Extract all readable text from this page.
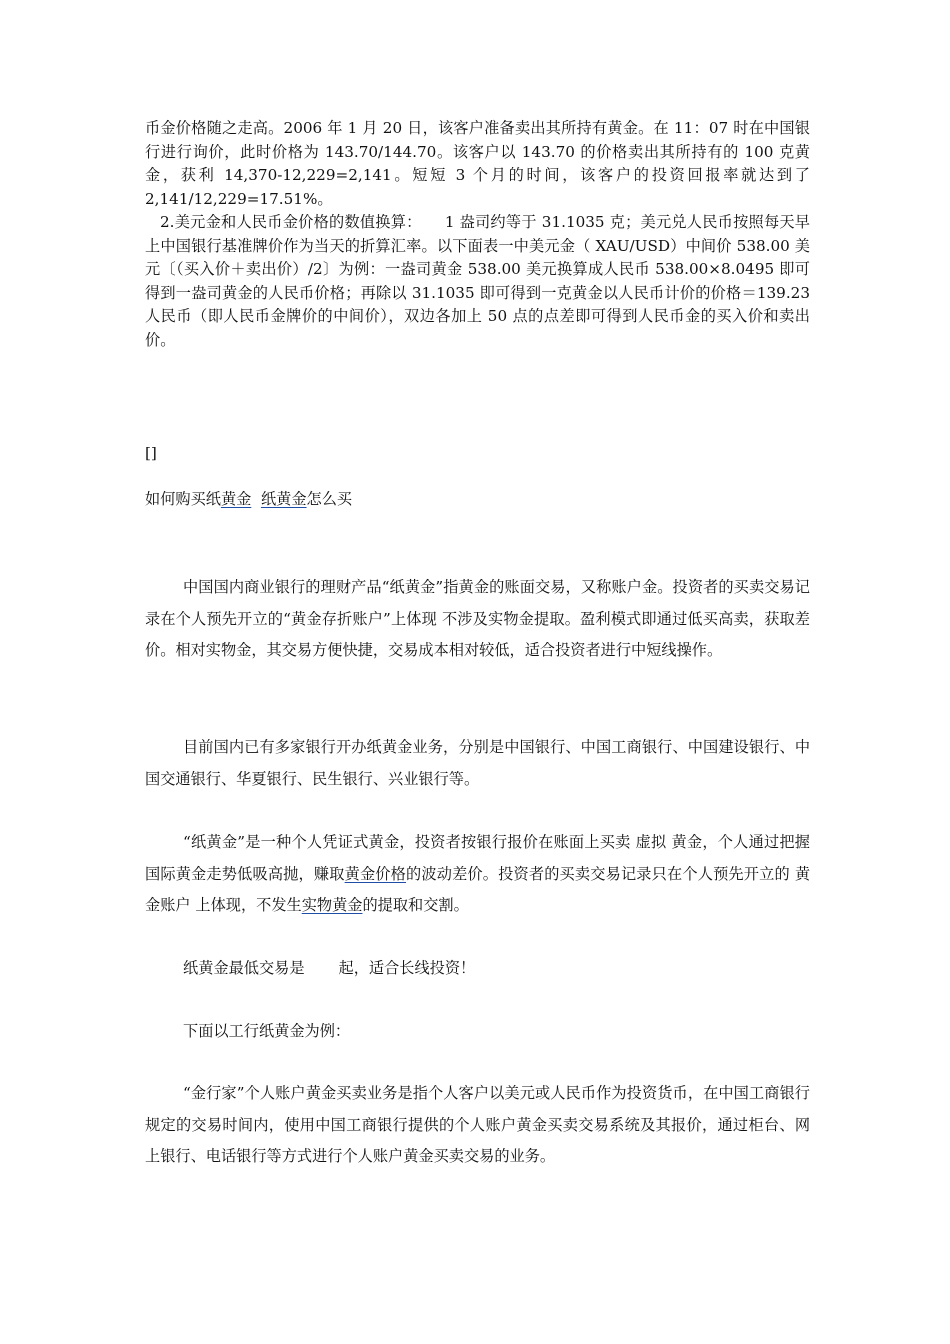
币金价格随之走高。2006 年 1 月 20 日，该客户准备卖出其所持有黄金。在 11：07 时在中国银行进行询价，此时价格为 143.70/144.70。该客户以 143.70 的价格卖出其所持有的 100 克黄金，获利 14,370-12,229=2,141。短短 3 个月的时间，该客户的投资回报率就达到了 2,141/12,229=17.51%。

2.美元金和人民币金价格的数值换算：　　1 盎司约等于 31.1035 克；美元兑人民币按照每天早上中国银行基准牌价作为当天的折算汇率。以下面表一中美元金（ XAU/USD）中间价 538.00 美元〔（买入价＋卖出价）/2〕为例：一盎司黄金 538.00 美元换算成人民币 538.00×8.0495 即可得到一盎司黄金的人民币价格；再除以 31.1035 即可得到一克黄金以人民币计价的价格＝139.23 人民币（即人民币金牌价的中间价），双边各加上 50 点的点差即可得到人民币金的买入价和卖出价。

[]

如何购买纸黄金 纸黄金怎么买

中国国内商业银行的理财产品“纸黄金”指黄金的账面交易，又称账户金。投资者的买卖交易记录在个人预先开立的“黄金存折账户”上体现 不涉及实物金提取。盈利模式即通过低买高卖，获取差价。相对实物金，其交易方便快捷，交易成本相对较低，适合投资者进行中短线操作。

目前国内已有多家银行开办纸黄金业务，分别是中国银行、中国工商银行、中国建设银行、中国交通银行、华夏银行、民生银行、兴业银行等。

“纸黄金”是一种个人凭证式黄金，投资者按银行报价在账面上买卖 虚拟 黄金，个人通过把握国际黄金走势低吸高抛，赚取黄金价格的波动差价。投资者的买卖交易记录只在个人预先开立的 黄金账户 上体现，不发生实物黄金的提取和交割。

纸黄金最低交易是 起，适合长线投资！

下面以工行纸黄金为例：

“金行家”个人账户黄金买卖业务是指个人客户以美元或人民币作为投资货币，在中国工商银行规定的交易时间内，使用中国工商银行提供的个人账户黄金买卖交易系统及其报价，通过柜台、网上银行、电话银行等方式进行个人账户黄金买卖交易的业务。
